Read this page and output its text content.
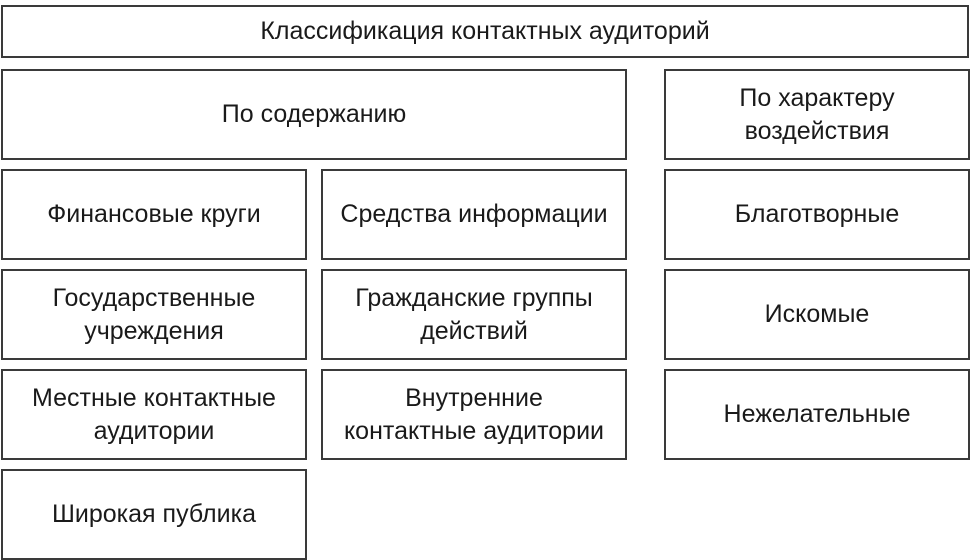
Классификация контактных аудиторий
По содержанию
По характеру
воздействия
Финансовые круги	Средства информации	Благотворные
Государственные
учреждения
Гражданские группы
действий
Искомые
Местные контактные
аудитории
Внутренние
контактные аудитории
Нежелательные
Широкая публика
